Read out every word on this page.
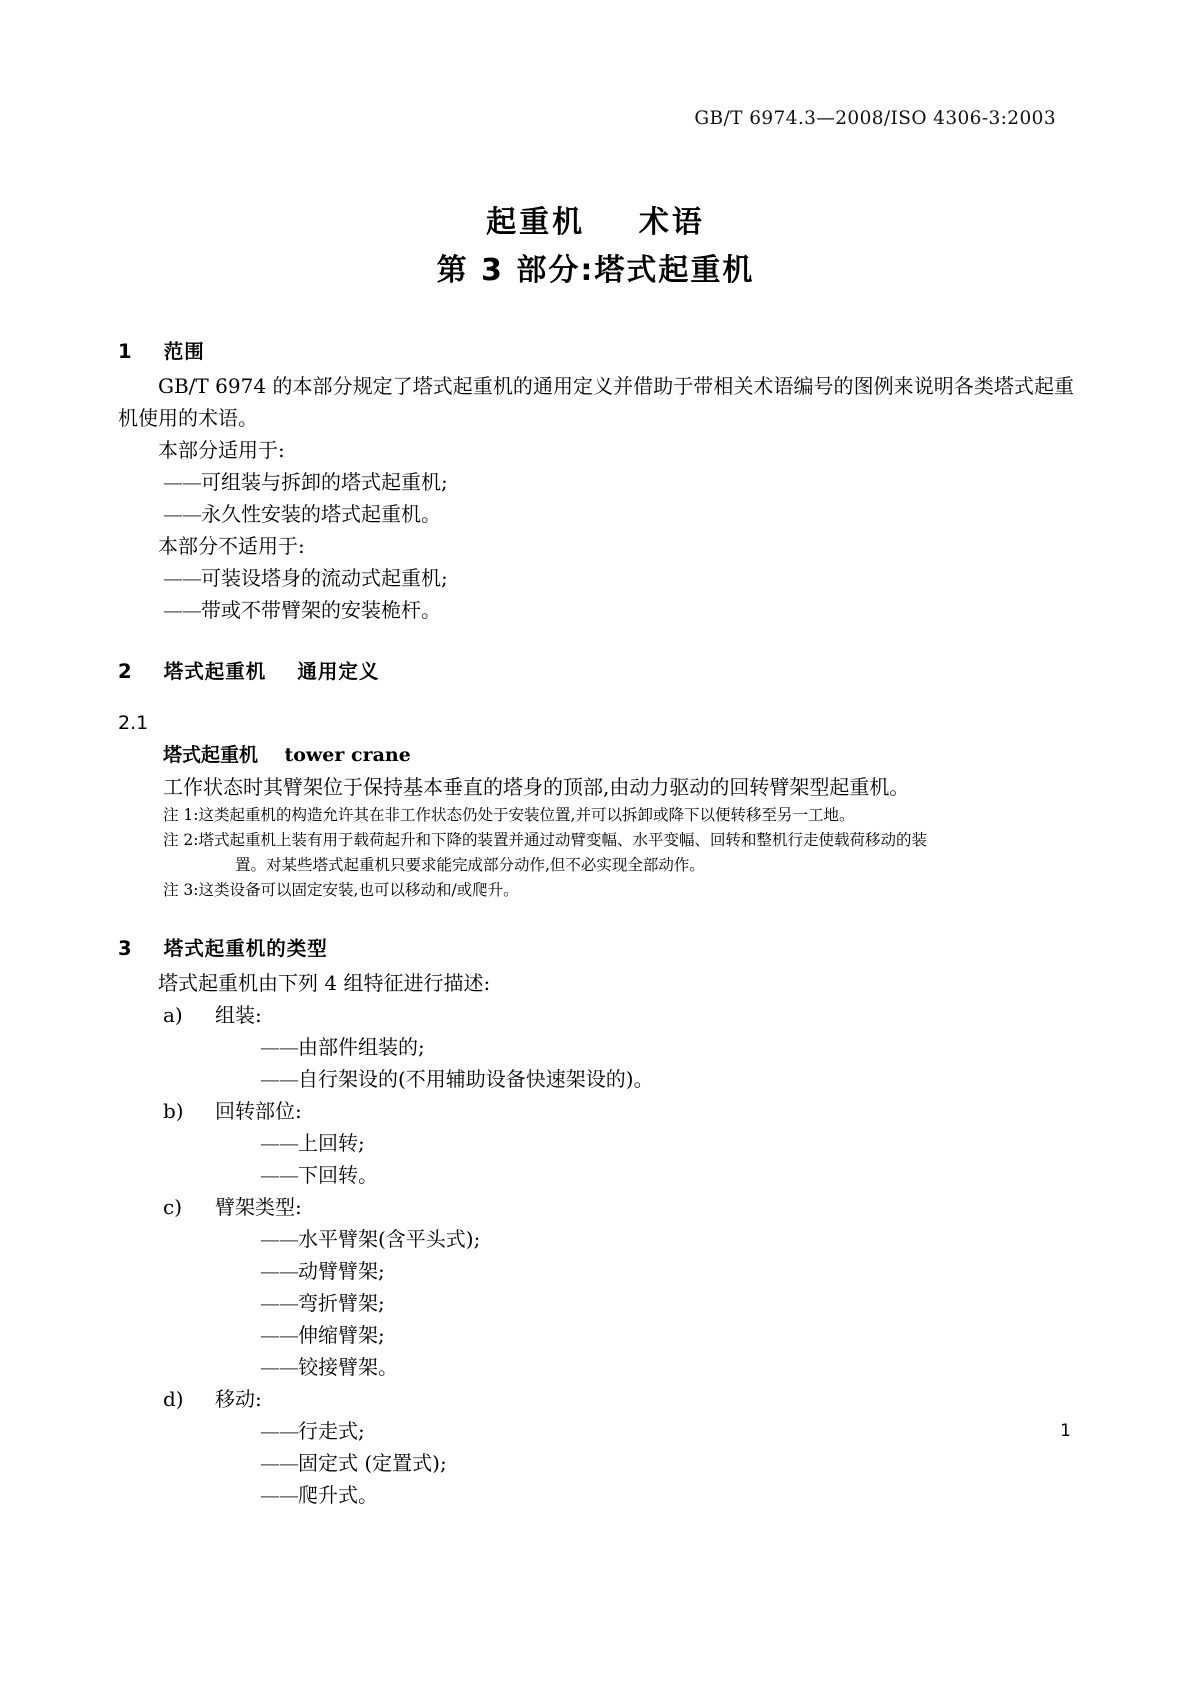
GB/T 6974.3—2008/ISO 4306-3:2003
起重机    术语
第 3 部分:塔式起重机
1    范围

GB/T 6974 的本部分规定了塔式起重机的通用定义并借助于带相关术语编号的图例来说明各类塔式起重机使用的术语。

本部分适用于:

——可组装与拆卸的塔式起重机;

——永久性安装的塔式起重机。

本部分不适用于:

——可装设塔身的流动式起重机;

——带或不带臂架的安装桅杆。

2    塔式起重机    通用定义
2.1
塔式起重机 tower crane

工作状态时其臂架位于保持基本垂直的塔身的顶部,由动力驱动的回转臂架型起重机。

注 1:这类起重机的构造允许其在非工作状态仍处于安装位置,并可以拆卸或降下以便转移至另一工地。

注 2:塔式起重机上装有用于载荷起升和下降的装置并通过动臂变幅、水平变幅、回转和整机行走使载荷移动的装

置。对某些塔式起重机只要求能完成部分动作,但不必实现全部动作。

注 3:这类设备可以固定安装,也可以移动和/或爬升。

3    塔式起重机的类型

塔式起重机由下列 4 组特征进行描述:

a) 组装:

——由部件组装的;

——自行架设的(不用辅助设备快速架设的)。

b) 回转部位:

——上回转;

——下回转。

c) 臂架类型:

——水平臂架(含平头式);

——动臂臂架;

——弯折臂架;

——伸缩臂架;

——铰接臂架。

d) 移动:

——行走式;

——固定式 (定置式);

——爬升式。

1
